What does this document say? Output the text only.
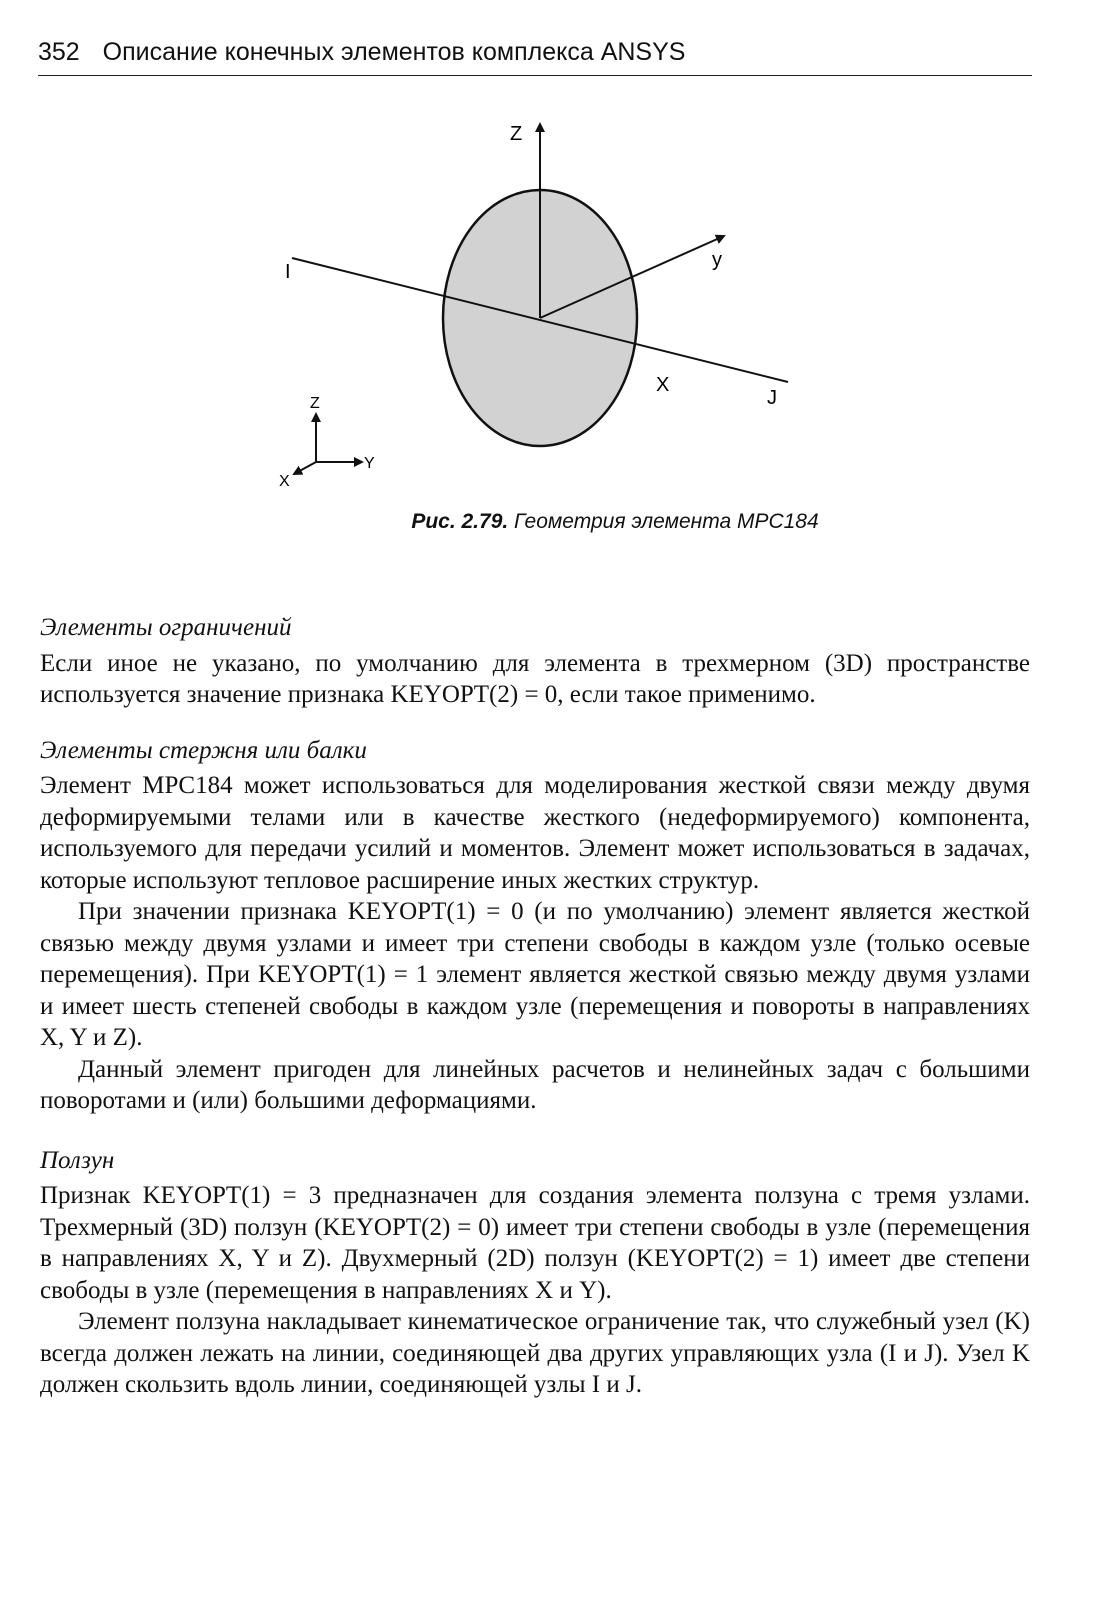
352 Описание конечных элементов комплекса ANSYS
Z
y
X
I
J
Z
Y
X
Рис. 2.79. Геометрия элемента MPC184

Элементы ограничений

Если иное не указано, по умолчанию для элемента в трехмерном (3D) пространстве используется значение признака KEYOPT(2) = 0, если такое применимо.

Элементы стержня или балки

Элемент MPC184 может использоваться для моделирования жесткой связи между двумя деформируемыми телами или в качестве жесткого (недеформируемого) компонента, используемого для передачи усилий и моментов. Элемент может использоваться в задачах, которые используют тепловое расширение иных жестких структур.

При значении признака KEYOPT(1) = 0 (и по умолчанию) элемент является жесткой связью между двумя узлами и имеет три степени свободы в каждом узле (только осевые перемещения). При KEYOPT(1) = 1 элемент является жесткой связью между двумя узлами и имеет шесть степеней свободы в каждом узле (перемещения и повороты в направлениях X, Y и Z).

Данный элемент пригоден для линейных расчетов и нелинейных задач с большими поворотами и (или) большими деформациями.

Ползун

Признак KEYOPT(1) = 3 предназначен для создания элемента ползуна с тремя узлами. Трехмерный (3D) ползун (KEYOPT(2) = 0) имеет три степени свободы в узле (перемещения в направлениях X, Y и Z). Двухмерный (2D) ползун (KEYOPT(2) = 1) имеет две степени свободы в узле (перемещения в направлениях X и Y).

Элемент ползуна накладывает кинематическое ограничение так, что служебный узел (K) всегда должен лежать на линии, соединяющей два других управляющих узла (I и J). Узел K должен скользить вдоль линии, соединяющей узлы I и J.
